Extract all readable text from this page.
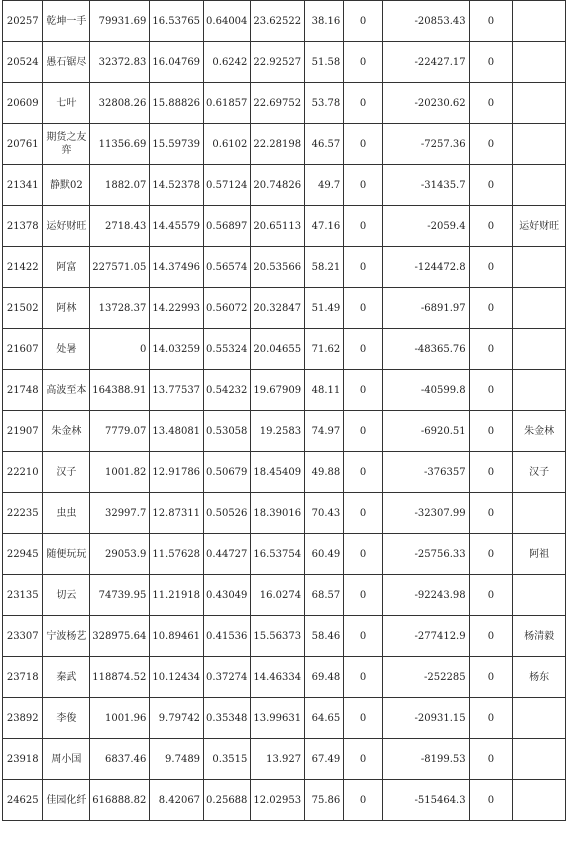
20257	乾坤一手	79931.69	16.53765	0.64004	23.62522	38.16	0	-20853.43	0	
20524	愚石锯尽	32372.83	16.04769	0.6242	22.92527	51.58	0	-22427.17	0	
20609	七叶	32808.26	15.88826	0.61857	22.69752	53.78	0	-20230.62	0	
20761	期货之友弈	11356.69	15.59739	0.6102	22.28198	46.57	0	-7257.36	0	
21341	静默02	1882.07	14.52378	0.57124	20.74826	49.7	0	-31435.7	0	
21378	运好财旺	2718.43	14.45579	0.56897	20.65113	47.16	0	-2059.4	0	运好财旺
21422	阿富	227571.05	14.37496	0.56574	20.53566	58.21	0	-124472.8	0	
21502	阿林	13728.37	14.22993	0.56072	20.32847	51.49	0	-6891.97	0	
21607	处暑	0	14.03259	0.55324	20.04655	71.62	0	-48365.76	0	
21748	高波至本	164388.91	13.77537	0.54232	19.67909	48.11	0	-40599.8	0	
21907	朱金林	7779.07	13.48081	0.53058	19.2583	74.97	0	-6920.51	0	朱金林
22210	汉子	1001.82	12.91786	0.50679	18.45409	49.88	0	-376357	0	汉子
22235	虫虫	32997.7	12.87311	0.50526	18.39016	70.43	0	-32307.99	0	
22945	随便玩玩	29053.9	11.57628	0.44727	16.53754	60.49	0	-25756.33	0	阿祖
23135	切云	74739.95	11.21918	0.43049	16.0274	68.57	0	-92243.98	0	
23307	宁波杨艺	328975.64	10.89461	0.41536	15.56373	58.46	0	-277412.9	0	杨清毅
23718	秦武	118874.52	10.12434	0.37274	14.46334	69.48	0	-252285	0	杨东
23892	李俊	1001.96	9.79742	0.35348	13.99631	64.65	0	-20931.15	0	
23918	周小国	6837.46	9.7489	0.3515	13.927	67.49	0	-8199.53	0	
24625	佳园化纤	616888.82	8.42067	0.25688	12.02953	75.86	0	-515464.3	0	
